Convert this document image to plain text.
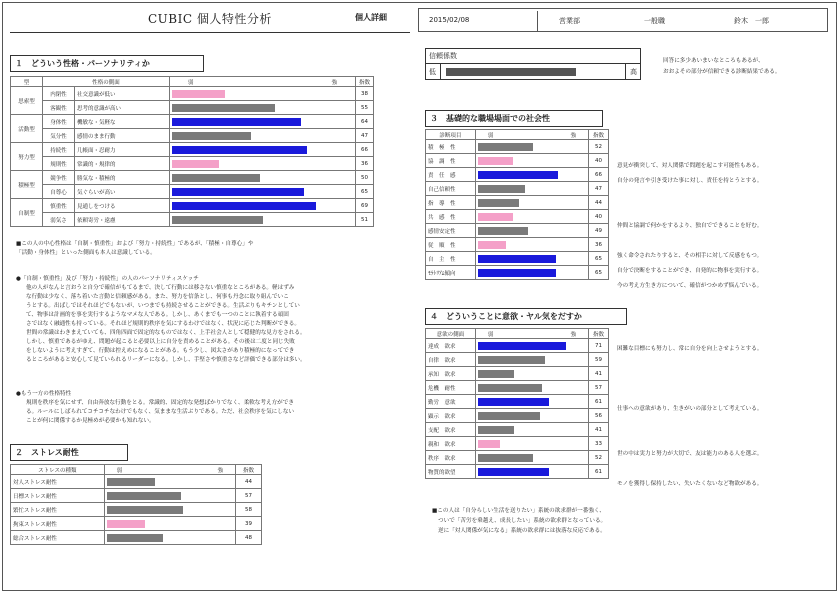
CUBIC 個人特性分析	個人詳細	2015/02/08	営業部	一般職	鈴木　一郎
１　どういう性格・パーソナリティか
型	性格の側面		弱 強	指数
思索型	内閉性	社交意識が低い		38
	客観性	思考的意識が高い		55
活動型	身体性	機敏な・気軽な		64
	気分性	感情のまま行動		47
努力型	持続性	几帳面・忍耐力		66
	規則性	常識的・規律的		36
積極型	競争性	勝気な・積極的		50
	自尊心	気ぐらいが高い		65
自制型	慎重性	見通しをつける		69
	弱気さ	依頼寄労・遠慮		51
■この人の中心性格は「自制・慎重性」および「努力・持続性」であるが、「積極・自尊心」や
「活動・身体性」といった側面も本人は意識している。
●「自制・慎重性」及び「努力・持続性」の人のパーソナリティスケッチ
他の人がなんと言おうと自分で確信がもてるまで、決して行動には移さない慎重なところがある。軽はずみ
な行動は少なく、落ち着いた言動と信頼感がある。また、努力を信条とし、何事も丹念に取り組んでいこ
うとする。出ばしではそれほどでもないが、いつまでも持続させることができる。生活ぶりもキチンとしてい
て、物事は計画的を事を実行するようなマメな人である。しかし、あくまでも一つのことに執着する頑固
さではなく融通性も持っている。それほど規則的秩序を気にするわけではなく、状況に応じた判断ができる。
世間の常識はわきまえていても、四角四面で固定的なものではなく、上手社会人として穏健的な見方をされる。
しかし、慎重であるがゆえ、問題が起こると必要以上に自分を責めることがある。その後は二度と同じ失敗
をしないように考えすぎて、行動は控えめになることがある。もう少し、図太さがあり積極的になってでき
るところがあると安心して見ていられるリーダーになる。しかし、手堅さや慎重さなど評価できる部分は多い。
●もう一方の性格特性
規則を秩序を気にせず、自由奔放な行動をとる。常識的、固定的な発想ばかりでなく、柔軟な考え方ができ
る。ルールにしばられてコチコチなわけでもなく、気ままな生活ぶりである。ただ、社会秩序を気にしない
ことが何に関係するか見極めが必要かも知れない。
２　ストレス耐性
ストレスの種類	弱 強	指数
対人ストレス耐性		44
日標ストレス耐性		57
繁忙ストレス耐性		58
拘束ストレス耐性		39
総合ストレス耐性		48
信頼係数
低	高
回答に多少あいまいなところもあるが、
おおよその部分が信頼できる診断結果である。
３　基礎的な職場場面での社会性
診断項目	弱 強	指数
積　極　性		52
協　調　性		40
責　任　感		66
自己信頼性		47
指　導　性		44
共　感　性		40
感情安定性		49
従　順　性		36
自　主　性		65
ﾓﾗﾄﾘｱﾑ傾向		65
意見が衝突して、対人関係で問題を起こす可能性もある。
自分の発言や引き受けた事に対し、責任を持とうとする。
仲間と協調で何かをするより、独自でできることを好む。
強く命令されたりすると、その相手に対して反感をもつ。
自分で決断をすることができ、自発的に物事を実行する。
今の考え方生き方について、確信がつかめず悩んでいる。
４　どういうことに意欲・ヤル気をだすか
意欲の側面	弱 強	指数
達成　欲求		71
自律　欲求		59
承知　欲求		41
危機　耐性		57
勤労　意欲		61
顕示　欲求		56
支配　欲求		41
親和　欲求		33
秩序　欲求		52
物質的欲望		61
困難な目標にも努力し、常に自分を向上させようとする。
仕事への意欲があり、生きがいの部分として考えている。
世の中は実力と努力が大切で、友は能力のある人を選ぶ。
モノを獲得し保持したい、失いたくないなど物欲がある。
■この人は「自分らしい生活を送りたい」系統の欲求群が一番強く、
ついで「苦労を乗越え、成長したい」系統の欲求群となっている。
逆に「対人関係が気になる」系統の欲求群には抜落な反応である。
